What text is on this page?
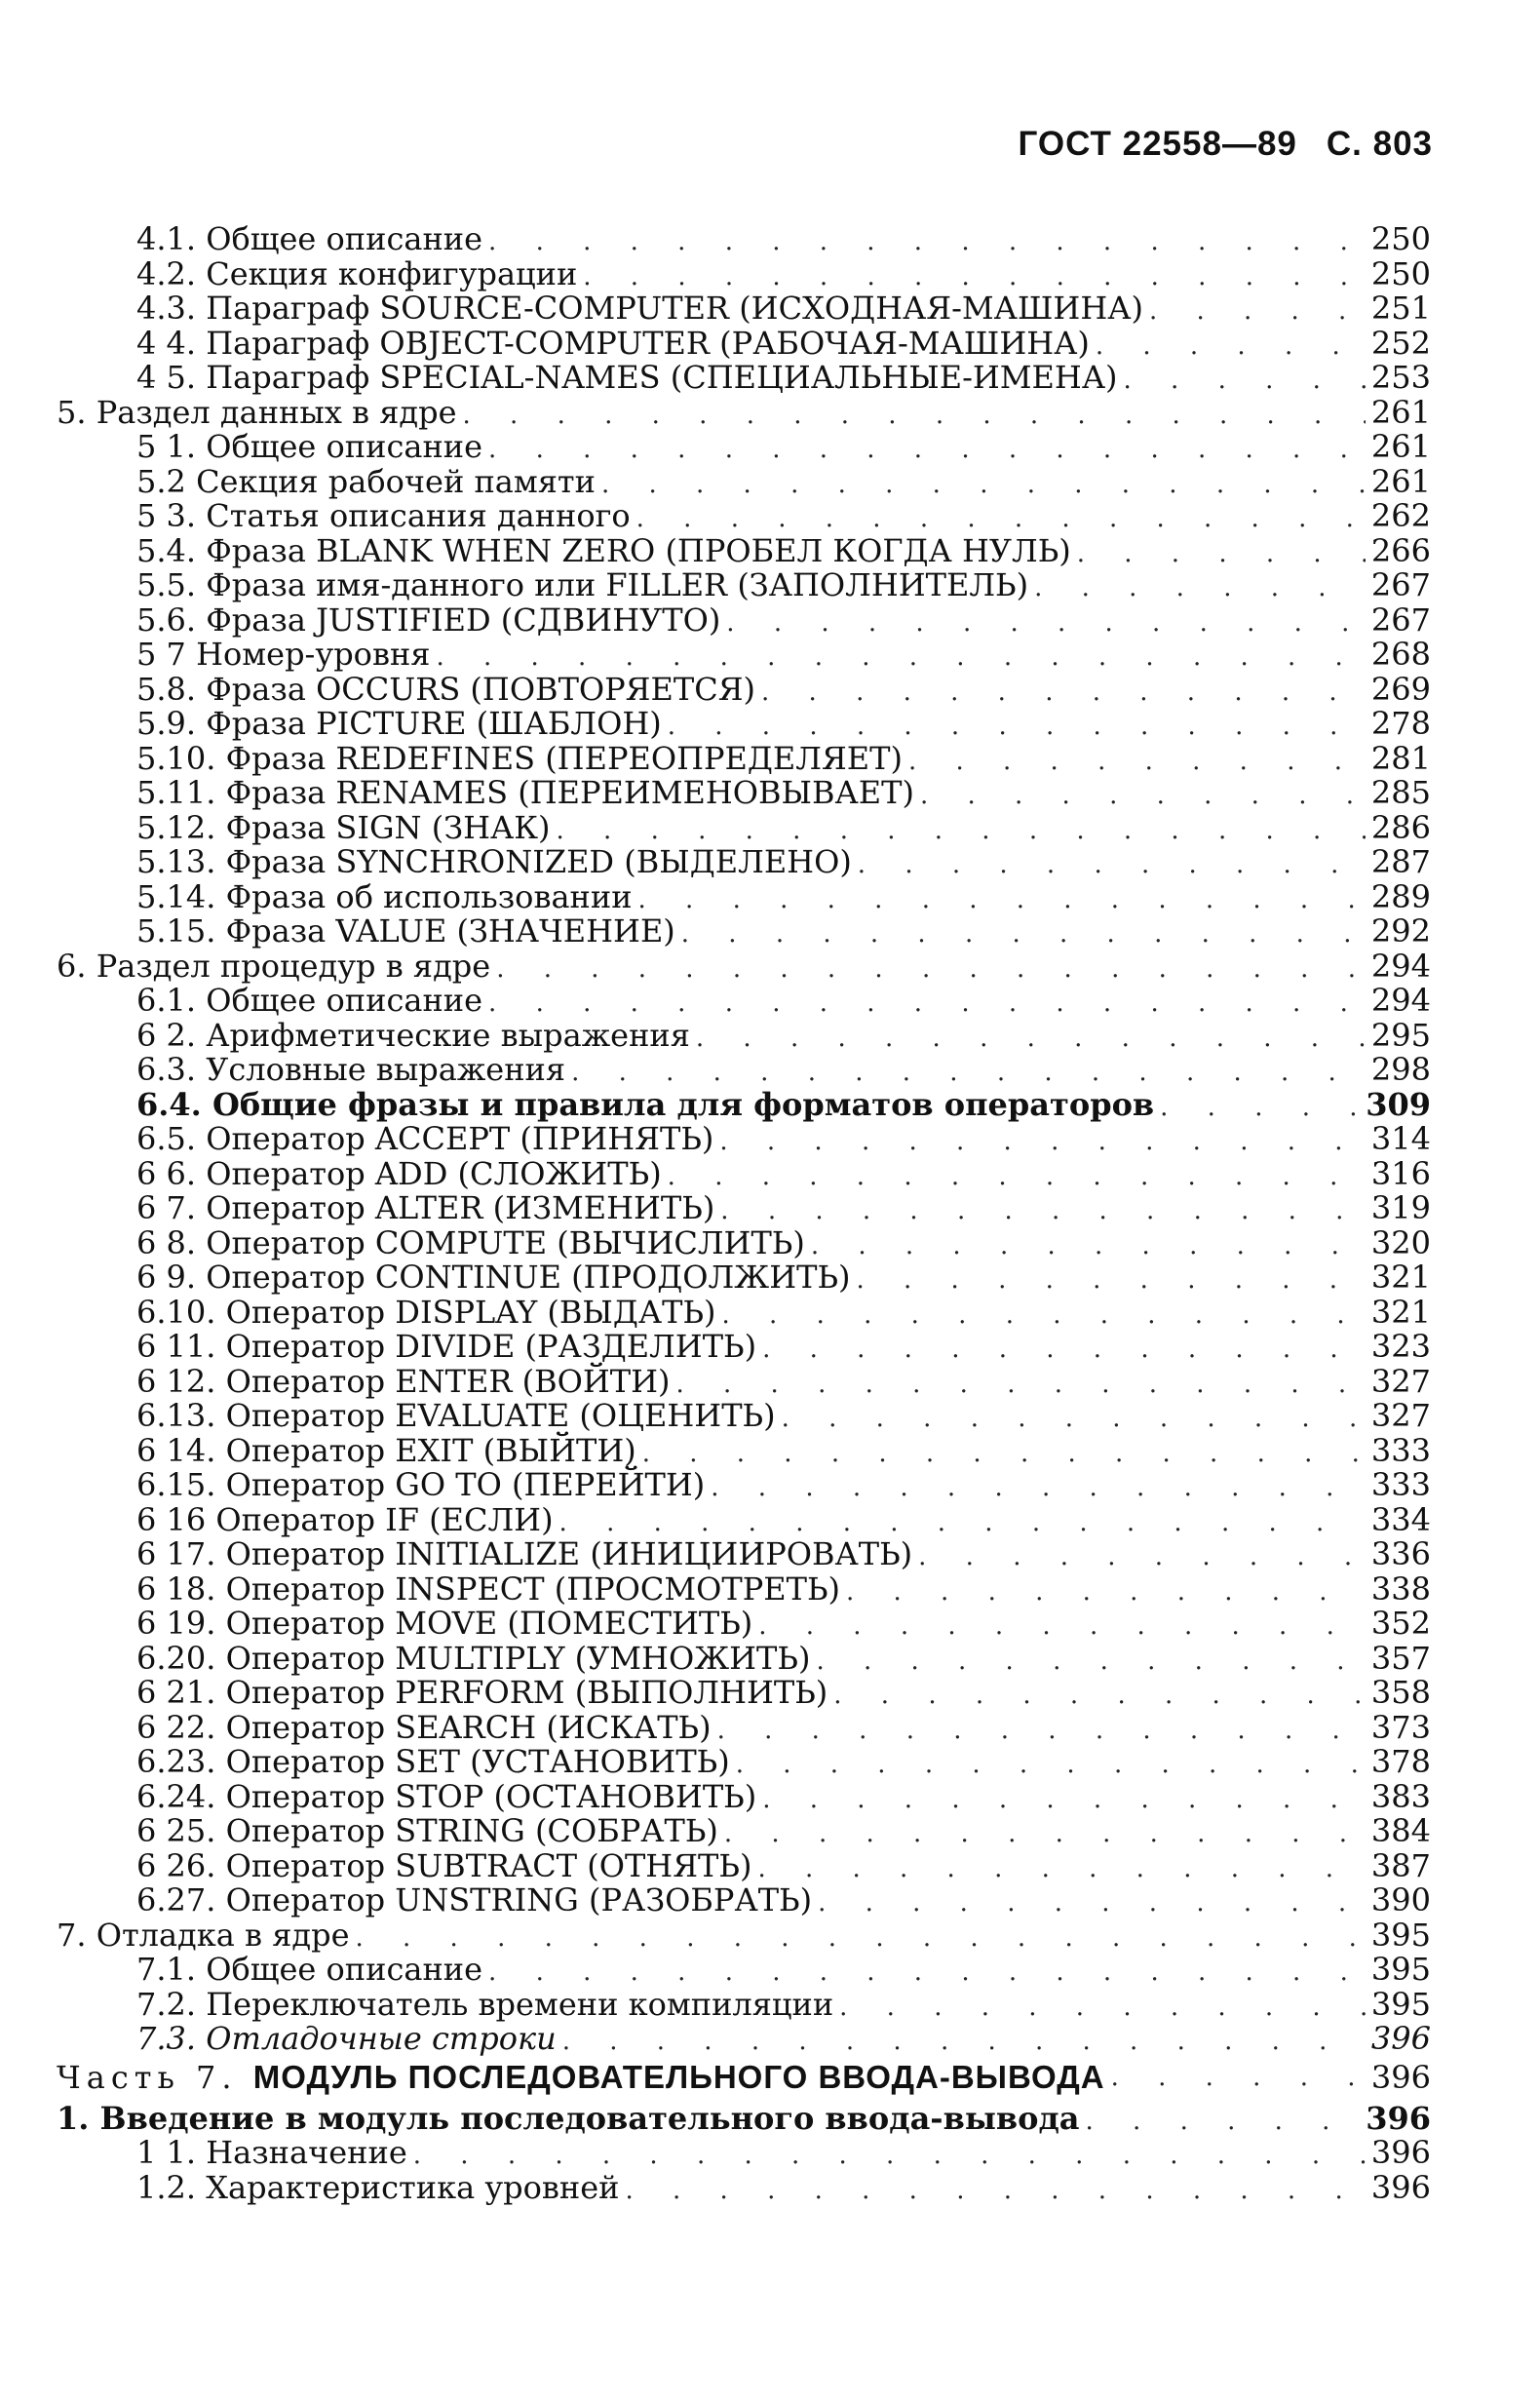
ГОСТ 22558—89 С. 803
4.1. Общее описание . . .	250
4.2. Секция конфигурации . . .	250
4.3. Параграф SOURCE-COMPUTER (ИСХОДНАЯ-МАШИНА) . . .	251
4 4. Параграф OBJECT-COMPUTER (РАБОЧАЯ-МАШИНА) . . .	252
4 5. Параграф SPECIAL-NAMES (СПЕЦИАЛЬНЫЕ-ИМЕНА) . . .	253
5. Раздел данных в ядре . . .	261
5 1. Общее описание . . .	261
5.2 Секция рабочей памяти . . .	261
5 3. Статья описания данного . . .	262
5.4. Фраза BLANK WHEN ZERO (ПРОБЕЛ КОГДА НУЛЬ) . . .	266
5.5. Фраза имя-данного или FILLER (ЗАПОЛНИТЕЛЬ) . . .	267
5.6. Фраза JUSTIFIED (СДВИНУТО) . . .	267
5 7 Номер-уровня . . .	268
5.8. Фраза OCCURS (ПОВТОРЯЕТСЯ) . . .	269
5.9. Фраза PICTURE (ШАБЛОН) . . .	278
5.10. Фраза REDEFINES (ПЕРЕОПРЕДЕЛЯЕТ) . . .	281
5.11. Фраза RENAMES (ПЕРЕИМЕНОВЫВАЕТ) . . .	285
5.12. Фраза SIGN (ЗНАК) . . .	286
5.13. Фраза SYNCHRONIZED (ВЫДЕЛЕНО) . . .	287
5.14. Фраза об использовании . . .	289
5.15. Фраза VALUE (ЗНАЧЕНИЕ) . . .	292
6. Раздел процедур в ядре . . .	294
6.1. Общее описание . . .	294
6 2. Арифметические выражения . . .	295
6.3. Условные выражения . . .	298
6.4. Общие фразы и правила для форматов операторов . . .	309
6.5. Оператор ACCEPT (ПРИНЯТЬ) . . .	314
6 6. Оператор ADD (СЛОЖИТЬ) . . .	316
6 7. Оператор ALTER (ИЗМЕНИТЬ) . . .	319
6 8. Оператор COMPUTE (ВЫЧИСЛИТЬ) . . .	320
6 9. Оператор CONTINUE (ПРОДОЛЖИТЬ) . . .	321
6.10. Оператор DISPLAY (ВЫДАТЬ) . . .	321
6 11. Оператор DIVIDE (РАЗДЕЛИТЬ) . . .	323
6 12. Оператор ENTER (ВОЙТИ) . . .	327
6.13. Оператор EVALUATE (ОЦЕНИТЬ) . . .	327
6 14. Оператор EXIT (ВЫЙТИ) . . .	333
6.15. Оператор GO TO (ПЕРЕЙТИ) . . .	333
6 16 Оператор IF (ЕСЛИ) . . .	334
6 17. Оператор INITIALIZE (ИНИЦИИРОВАТЬ) . . .	336
6 18. Оператор INSPECT (ПРОСМОТРЕТЬ) . . .	338
6 19. Оператор MOVE (ПОМЕСТИТЬ) . . .	352
6.20. Оператор MULTIPLY (УМНОЖИТЬ) . . .	357
6 21. Оператор PERFORM (ВЫПОЛНИТЬ) . . .	358
6 22. Оператор SEARCH (ИСКАТЬ) . . .	373
6.23. Оператор SET (УСТАНОВИТЬ) . . .	378
6.24. Оператор STOP (ОСТАНОВИТЬ) . . .	383
6 25. Оператор STRING (СОБРАТЬ) . . .	384
6 26. Оператор SUBTRACT (ОТНЯТЬ) . . .	387
6.27. Оператор UNSTRING (РАЗОБРАТЬ) . . .	390
7. Отладка в ядре . . .	395
7.1. Общее описание . . .	395
7.2. Переключатель времени компиляции . . .	395
7.3. Отладочные строки . . .	396
Часть 7. МОДУЛЬ ПОСЛЕДОВАТЕЛЬНОГО ВВОДА-ВЫВОДА . . .	396
1. Введение в модуль последовательного ввода-вывода . . .	396
1 1. Назначение . . .	396
1.2. Характеристика уровней . . .	396
